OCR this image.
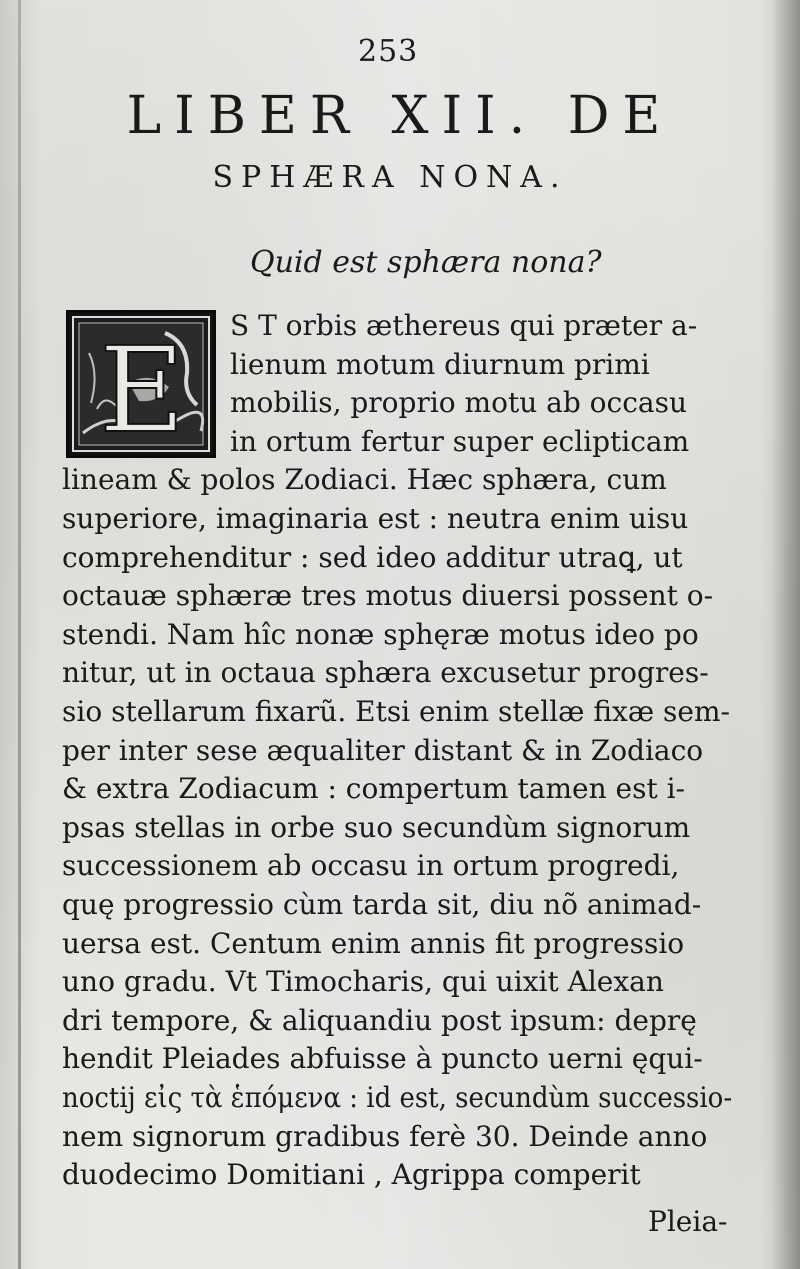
253
LIBER XII. DE
SPHÆRA NONA.
Quid est sphæra nona?
E S T orbis æthereus qui præter a-
lienum motum diurnum primi
mobilis, proprio motu ab occasu
in ortum fertur super eclipticam
lineam & polos Zodiaci. Hæc sphæra, cum
superiore, imaginaria est : neutra enim uisu
comprehenditur : sed ideo additur utraꝗ, ut
octauæ sphæræ tres motus diuersi possent o-
stendi. Nam hîc nonæ sphęræ motus ideo po
nitur, ut in octaua sphæra excusetur progres-
sio stellarum fixarũ. Etsi enim stellæ fixæ sem-
per inter sese æqualiter distant & in Zodiaco
& extra Zodiacum : compertum tamen est i-
psas stellas in orbe suo secundùm signorum
successionem ab occasu in ortum progredi,
quę progressio cùm tarda sit, diu nõ animad-
uersa est. Centum enim annis fit progressio
uno gradu. Vt Timocharis, qui uixit Alexan
dri tempore, & aliquandiu post ipsum: deprę
hendit Pleiades abfuisse à puncto uerni ęqui-
noctij εἰς τὰ ἑπόμενα : id est, secundùm successio-
nem signorum gradibus ferè 30. Deinde anno
duodecimo Domitiani , Agrippa comperit
Pleia-
